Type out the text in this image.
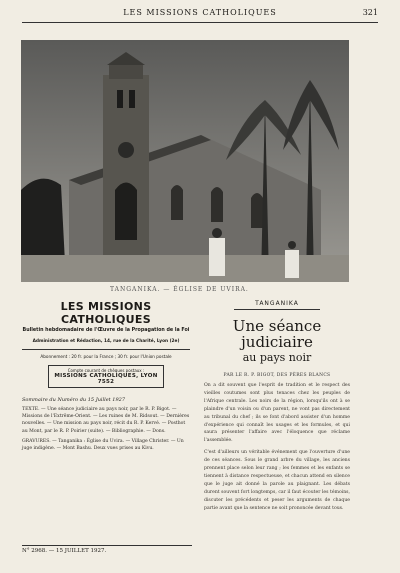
LES MISSIONS CATHOLIQUES	321
TANGANIKA. — ÉGLISE DE UVIRA.
LES MISSIONS CATHOLIQUES
Bulletin hebdomadaire de l'Œuvre de la Propagation de la Foi
Administration et Rédaction, 14, rue de la Charité, Lyon (2e)
Abonnement : 20 fr. pour la France ; 30 fr. pour l'Union postale
Compte courant de chèques postaux :
MISSIONS CATHOLIQUES, LYON 7552
Sommaire du Numéro du 15 Juillet 1927

TEXTE. — Une séance judiciaire au pays noir, par le R. P. Bigot. — Missions de l'Extrême-Orient. — Les ruines de M. Ridsout. — Dernières nouvelles. — Une mission au pays noir, récit du R. P. Kervé. — Posthot au Mont, par le R. P. Poirier (suite). — Bibliographie. — Dons.

GRAVURES. — Tanganika : Église du Uvira. — Village Christer. — Un juge indigène. — Mont Bashu. Deux vues prises au Kivu.

TANGANIKA
Une séance judiciaire
au pays noir
PAR LE R. P. BIGOT, DES PÈRES BLANCS

On a dit souvent que l'esprit de tradition et le respect des vieilles coutumes sont plus tenaces chez les peuples de l'Afrique centrale. Les noirs de la région, lorsqu'ils ont à se plaindre d'un voisin ou d'un parent, ne vont pas directement au tribunal du chef ; ils se font d'abord assister d'un homme d'expérience qui connaît les usages et les formules, et qui saura présenter l'affaire avec l'éloquence que réclame l'assemblée.

C'est d'ailleurs un véritable événement que l'ouverture d'une de ces séances. Sous le grand arbre du village, les anciens prennent place selon leur rang ; les femmes et les enfants se tiennent à distance respectueuse, et chacun attend en silence que le juge ait donné la parole au plaignant. Les débats durent souvent fort longtemps, car il faut écouter les témoins, discuter les précédents et peser les arguments de chaque partie avant que la sentence ne soit prononcée devant tous.

N° 2968. — 15 JUILLET 1927.
